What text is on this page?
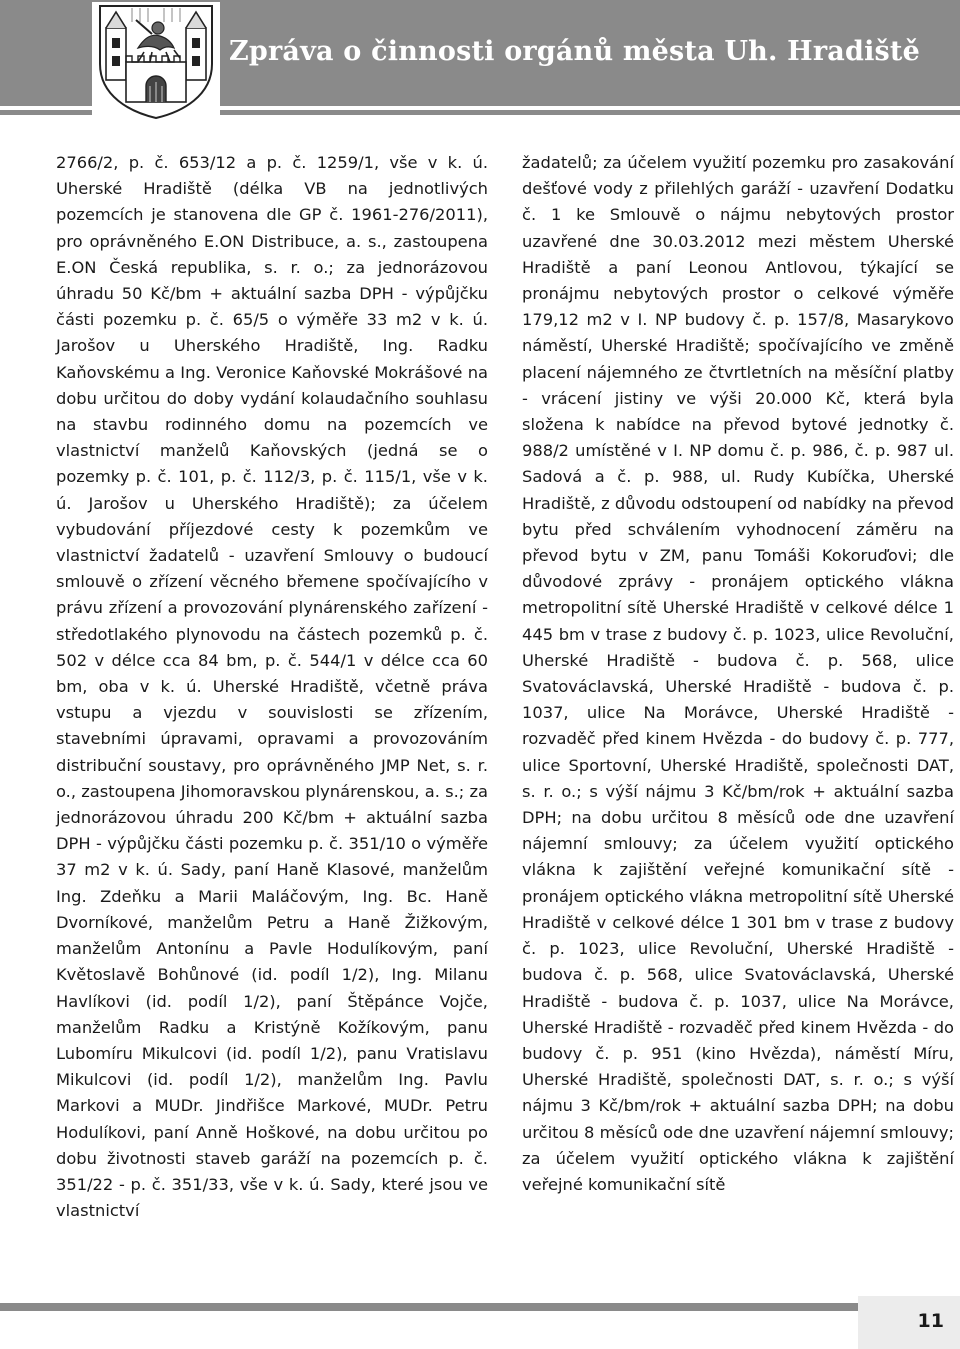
Zpráva o činnosti orgánů města Uh. Hradiště

2766/2, p. č. 653/12 a p. č. 1259/1, vše v k. ú. Uherské Hradiště (délka VB na jednotlivých pozemcích je stanovena dle GP č. 1961-276/2011), pro oprávněného E.ON Distribuce, a. s., zastoupena E.ON Česká republika, s. r. o.; za jednorázovou úhradu 50 Kč/bm + aktuální sazba DPH - výpůjčku části pozemku p. č. 65/5 o výměře 33 m2 v k. ú. Jarošov u Uherského Hradiště, Ing. Radku Kaňovskému a Ing. Veronice Kaňovské Mokrášové na dobu určitou do doby vydání kolaudačního souhlasu na stavbu rodinného domu na pozemcích ve vlastnictví manželů Kaňovských (jedná se o pozemky p. č. 101, p. č. 112/3, p. č. 115/1, vše v k. ú. Jarošov u Uherského Hradiště); za účelem vybudování příjezdové cesty k pozemkům ve vlastnictví žadatelů - uzavření Smlouvy o budoucí smlouvě o zřízení věcného břemene spočívajícího v právu zřízení a provozování plynárenského zařízení - středotlakého plynovodu na částech pozemků p. č. 502 v délce cca 84 bm, p. č. 544/1 v délce cca 60 bm, oba v k. ú. Uherské Hradiště, včetně práva vstupu a vjezdu v souvislosti se zřízením, stavebními úpravami, opravami a provozováním distribuční soustavy, pro oprávněného JMP Net, s. r. o., zastoupena Jihomoravskou plynárenskou, a. s.; za jednorázovou úhradu 200 Kč/bm + aktuální sazba DPH - výpůjčku části pozemku p. č. 351/10 o výměře 37 m2 v k. ú. Sady, paní Haně Klasové, manželům Ing. Zdeňku a Marii Maláčovým, Ing. Bc. Haně Dvorníkové, manželům Petru a Haně Žižkovým, manželům Antonínu a Pavle Hodulíkovým, paní Květoslavě Bohůnové (id. podíl 1/2), Ing. Milanu Havlíkovi (id. podíl 1/2), paní Štěpánce Vojče, manželům Radku a Kristýně Kožíkovým, panu Lubomíru Mikulcovi (id. podíl 1/2), panu Vratislavu Mikulcovi (id. podíl 1/2), manželům Ing. Pavlu Markovi a MUDr. Jindřišce Markové, MUDr. Petru Hodulíkovi, paní Anně Hoškové, na dobu určitou po dobu životnosti staveb garáží na pozemcích p. č. 351/22 - p. č. 351/33, vše v k. ú. Sady, které jsou ve vlastnictví

žadatelů; za účelem využití pozemku pro zasakování dešťové vody z přilehlých garáží - uzavření Dodatku č. 1 ke Smlouvě o nájmu nebytových prostor uzavřené dne 30.03.2012 mezi městem Uherské Hradiště a paní Leonou Antlovou, týkající se pronájmu nebytových prostor o celkové výměře 179,12 m2 v I. NP budovy č. p. 157/8, Masarykovo náměstí, Uherské Hradiště; spočívajícího ve změně placení nájemného ze čtvrtletních na měsíční platby - vrácení jistiny ve výši 20.000 Kč, která byla složena k nabídce na převod bytové jednotky č. 988/2 umístěné v I. NP domu č. p. 986, č. p. 987 ul. Sadová a č. p. 988, ul. Rudy Kubíčka, Uherské Hradiště, z důvodu odstoupení od nabídky na převod bytu před schválením vyhodnocení záměru na převod bytu v ZM, panu Tomáši Kokoruďovi; dle důvodové zprávy - pronájem optického vlákna metropolitní sítě Uherské Hradiště v celkové délce 1 445 bm v trase z budovy č. p. 1023, ulice Revoluční, Uherské Hradiště - budova č. p. 568, ulice Svatováclavská, Uherské Hradiště - budova č. p. 1037, ulice Na Morávce, Uherské Hradiště - rozvaděč před kinem Hvězda - do budovy č. p. 777, ulice Sportovní, Uherské Hradiště, společnosti DAT, s. r. o.; s výší nájmu 3 Kč/bm/rok + aktuální sazba DPH; na dobu určitou 8 měsíců ode dne uzavření nájemní smlouvy; za účelem využití optického vlákna k zajištění veřejné komunikační sítě - pronájem optického vlákna metropolitní sítě Uherské Hradiště v celkové délce 1 301 bm v trase z budovy č. p. 1023, ulice Revoluční, Uherské Hradiště - budova č. p. 568, ulice Svatováclavská, Uherské Hradiště - budova č. p. 1037, ulice Na Morávce, Uherské Hradiště - rozvaděč před kinem Hvězda - do budovy č. p. 951 (kino Hvězda), náměstí Míru, Uherské Hradiště, společnosti DAT, s. r. o.; s výší nájmu 3 Kč/bm/rok + aktuální sazba DPH; na dobu určitou 8 měsíců ode dne uzavření nájemní smlouvy; za účelem využití optického vlákna k zajištění veřejné komunikační sítě

11
